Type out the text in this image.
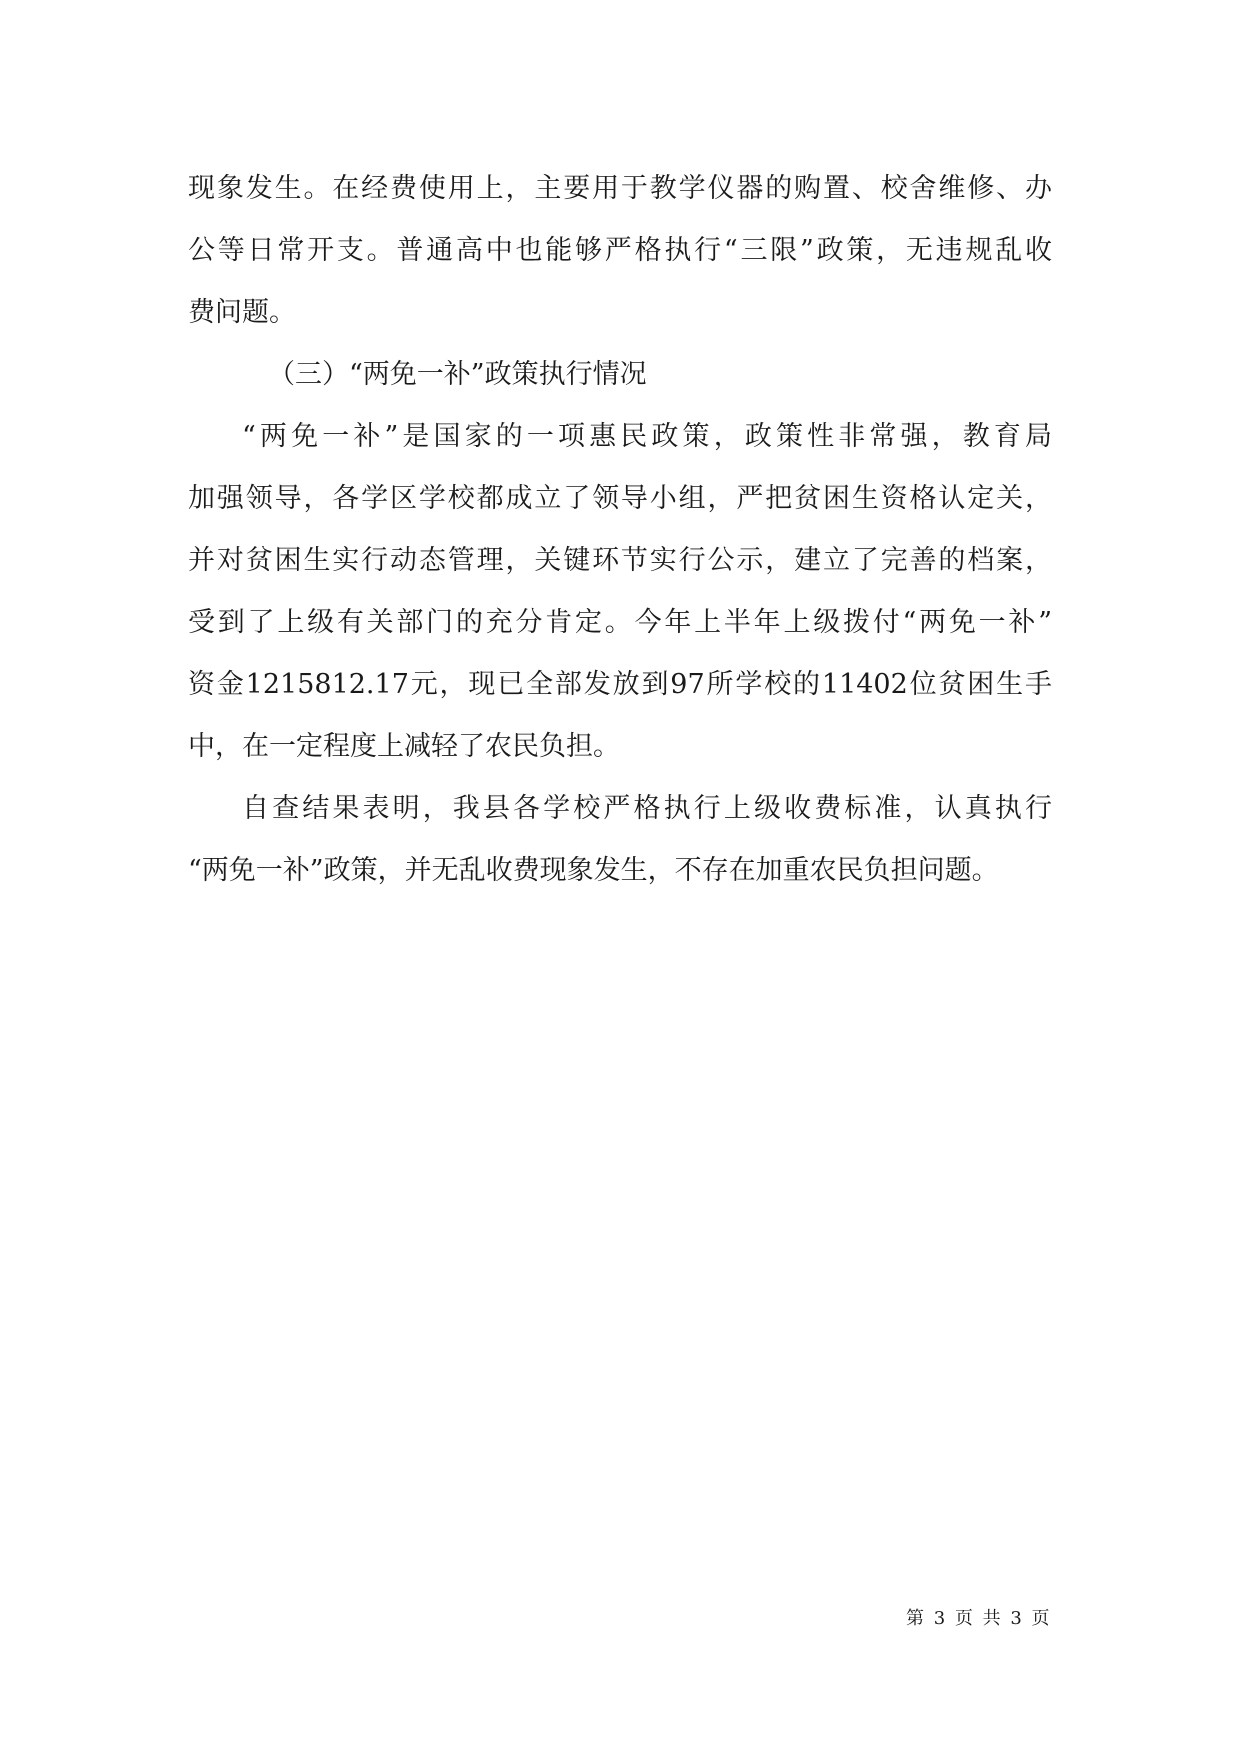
现象发生。在经费使用上，主要用于教学仪器的购置、校舍维修、办
公等日常开支。普通高中也能够严格执行“三限”政策，无违规乱收
费问题。
（三）“两免一补”政策执行情况
“两免一补”是国家的一项惠民政策，政策性非常强，教育局
加强领导，各学区学校都成立了领导小组，严把贫困生资格认定关，
并对贫困生实行动态管理，关键环节实行公示，建立了完善的档案，
受到了上级有关部门的充分肯定。今年上半年上级拨付“两免一补”
资金1215812.17元，现已全部发放到97所学校的11402位贫困生手
中，在一定程度上减轻了农民负担。
自查结果表明，我县各学校严格执行上级收费标准，认真执行
“两免一补”政策，并无乱收费现象发生，不存在加重农民负担问题。
第 3 页 共 3 页
